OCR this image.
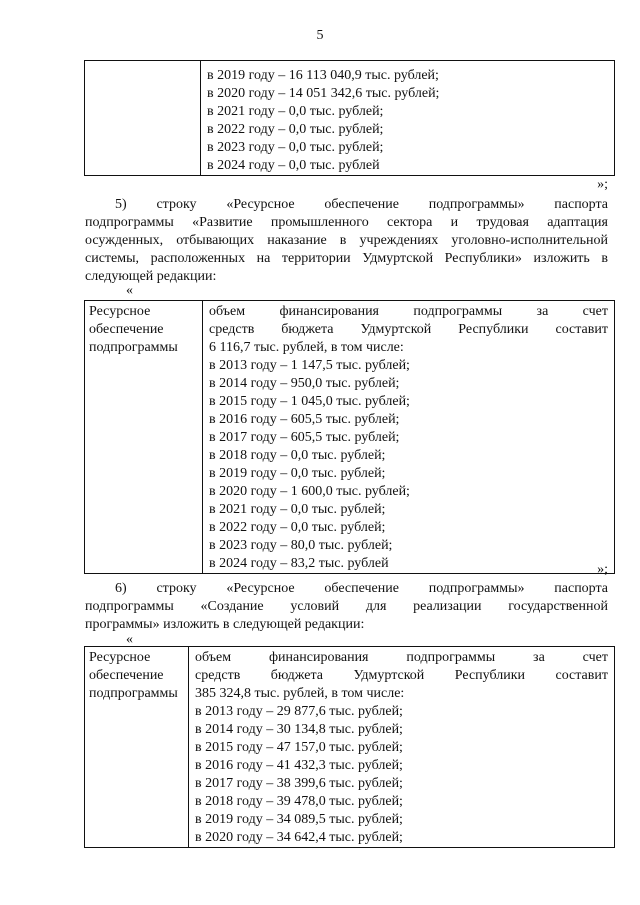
5

в 2019 году – 16 113 040,9 тыс. рублей;
в 2020 году – 14 051 342,6 тыс. рублей;
в 2021 году – 0,0 тыс. рублей;
в 2022 году – 0,0 тыс. рублей;
в 2023 году – 0,0 тыс. рублей;
в 2024 году – 0,0 тыс. рублей
»;
5) строку «Ресурсное обеспечение подпрограммы» паспорта
подпрограммы «Развитие промышленного сектора и трудовая адаптация
осужденных, отбывающих наказание в учреждениях уголовно-исполнительной
системы, расположенных на территории Удмуртской Республики» изложить в
следующей редакции:
«
Ресурсное
обеспечение
подпрограммы

объем финансирования подпрограммы за счет
средств бюджета Удмуртской Республики составит
6 116,7 тыс. рублей, в том числе:
в 2013 году – 1 147,5 тыс. рублей;
в 2014 году – 950,0 тыс. рублей;
в 2015 году – 1 045,0 тыс. рублей;
в 2016 году – 605,5 тыс. рублей;
в 2017 году – 605,5 тыс. рублей;
в 2018 году – 0,0 тыс. рублей;
в 2019 году – 0,0 тыс. рублей;
в 2020 году – 1 600,0 тыс. рублей;
в 2021 году – 0,0 тыс. рублей;
в 2022 году – 0,0 тыс. рублей;
в 2023 году – 80,0 тыс. рублей;
в 2024 году – 83,2 тыс. рублей	»;
6) строку «Ресурсное обеспечение подпрограммы» паспорта
подпрограммы «Создание условий для реализации государственной
программы» изложить в следующей редакции:
«
Ресурсное
обеспечение
подпрограммы

объем финансирования подпрограммы за счет
средств бюджета Удмуртской Республики составит
385 324,8 тыс. рублей, в том числе:
в 2013 году – 29 877,6 тыс. рублей;
в 2014 году – 30 134,8 тыс. рублей;
в 2015 году – 47 157,0 тыс. рублей;
в 2016 году – 41 432,3 тыс. рублей;
в 2017 году – 38 399,6 тыс. рублей;
в 2018 году – 39 478,0 тыс. рублей;
в 2019 году – 34 089,5 тыс. рублей;
в 2020 году – 34 642,4 тыс. рублей;
